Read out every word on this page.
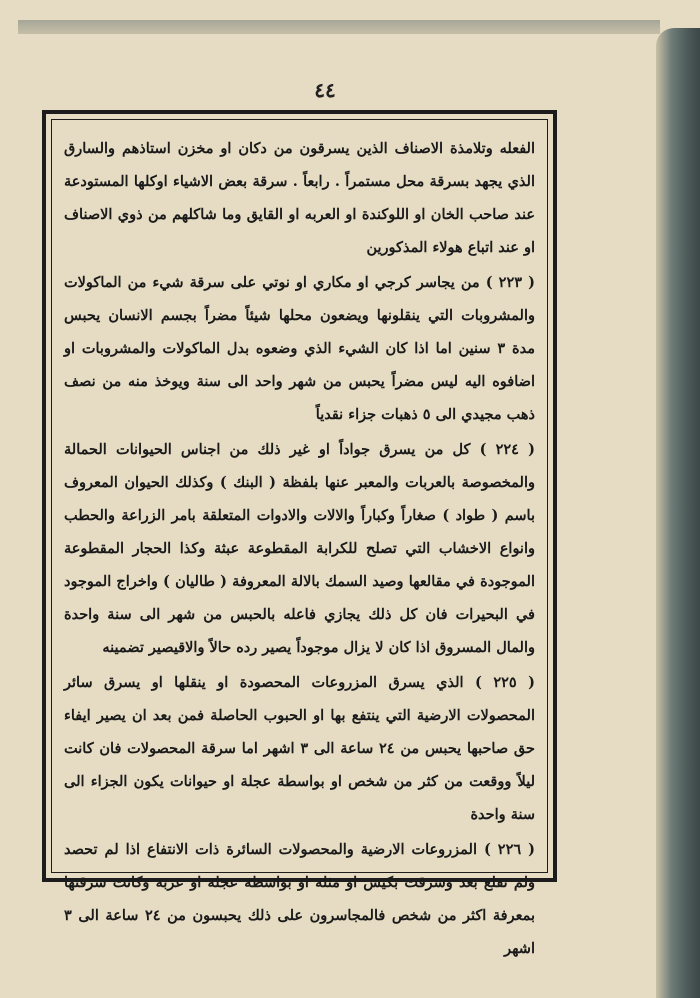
٤٤

الفعله وتلامذة الاصناف الذين يسرقون من دكان او مخزن استاذهم والسارق الذي يجهد بسرقة محل مستمراً . رابعاً . سرقة بعض الاشياء اوكلها المستودعة عند صاحب الخان او اللوكندة او العربه او القايق وما شاكلهم من ذوي الاصناف او عند اتباع هولاء المذكورين

( ٢٢٣ ) من يجاسر كرجي او مكاري او نوتي على سرقة شيء من الماكولات والمشروبات التي ينقلونها ويضعون محلها شيئاً مضراً بجسم الانسان يحبس مدة ٣ سنين اما اذا كان الشيء الذي وضعوه بدل الماكولات والمشروبات او اضافوه اليه ليس مضراً يحبس من شهر واحد الى سنة ويوخذ منه من نصف ذهب مجيدي الى ٥ ذهبات جزاء نقدياً

( ٢٢٤ ) كل من يسرق جواداً او غير ذلك من اجناس الحيوانات الحمالة والمخصوصة بالعربات والمعبر عنها بلفظة ( البنك ) وكذلك الحيوان المعروف باسم ( طواد ) صغاراً وكباراً والالات والادوات المتعلقة بامر الزراعة والحطب وانواع الاخشاب التي تصلح للكرابة المقطوعة عبثة وكذا الحجار المقطوعة الموجودة في مقالعها وصيد السمك بالالة المعروفة ( طاليان ) واخراج الموجود في البحيرات فان كل ذلك يجازي فاعله بالحبس من شهر الى سنة واحدة والمال المسروق اذا كان لا يزال موجوداً يصير رده حالاً والاقيصير تضمينه

( ٢٢٥ ) الذي يسرق المزروعات المحصودة او ينقلها او يسرق سائر المحصولات الارضية التي ينتفع بها او الحبوب الحاصلة فمن بعد ان يصير ايفاء حق صاحبها يحبس من ٢٤ ساعة الى ٣ اشهر اما سرقة المحصولات فان كانت ليلاً ووقعت من كثر من شخص او بواسطة عجلة او حيوانات يكون الجزاء الى سنة واحدة

( ٢٢٦ ) المزروعات الارضية والمحصولات السائرة ذات الانتفاع اذا لم تحصد ولم تقلع بعد وسرقت بكيس او مثله او بواسطة عجلة او عربة وكانت سرقتها بمعرفة اكثر من شخص فالمجاسرون على ذلك يحبسون من ٢٤ ساعة الى ٣ اشهر
